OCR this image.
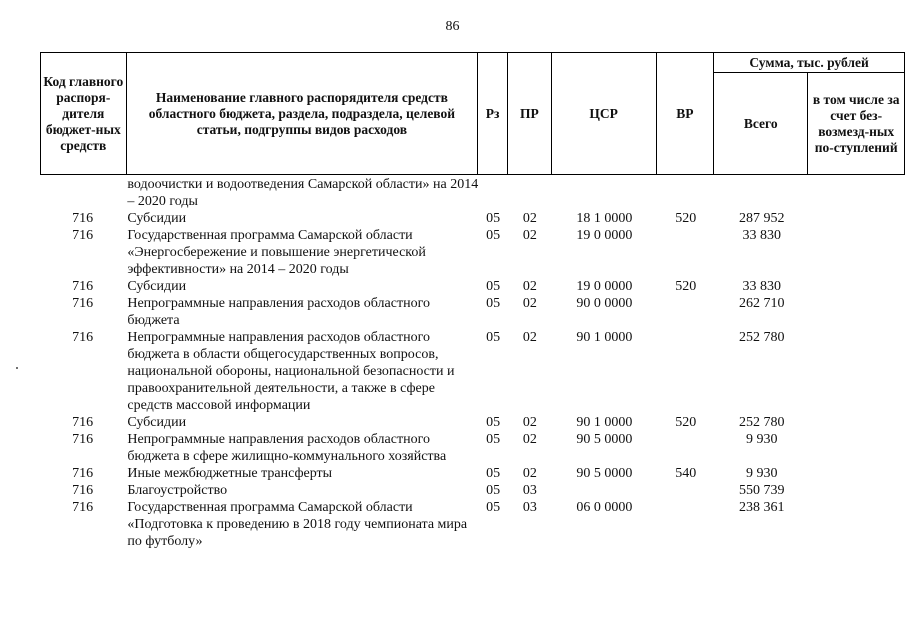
86
Код главного распоря-дителя бюджет-ных средств	Наименование главного распорядителя средств областного бюджета, раздела, подраздела, целевой статьи, подгруппы видов расходов	Рз	ПР	ЦСР	ВР	Сумма, тыс. рублей	
						Всего	в том числе за счет без-возмезд-ных по-ступлений
	водоочистки и водоотведения Самарской области» на 2014 – 2020 годы						
716	Субсидии	05	02	18 1 0000	520	287 952	
716	Государственная программа Самарской области «Энергосбережение и повышение энергетической эффективности» на 2014 – 2020 годы	05	02	19 0 0000		33 830	
716	Субсидии	05	02	19 0 0000	520	33 830	
716	Непрограммные направления расходов областного бюджета	05	02	90 0 0000		262 710	
716	Непрограммные направления расходов областного бюджета в области общегосударственных вопросов, национальной обороны, национальной безопасности и правоохранительной деятельности, а также в сфере средств массовой информации	05	02	90 1 0000		252 780	
716	Субсидии	05	02	90 1 0000	520	252 780	
716	Непрограммные направления расходов областного бюджета в сфере жилищно-коммунального хозяйства	05	02	90 5 0000		9 930	
716	Иные межбюджетные трансферты	05	02	90 5 0000	540	9 930	
716	Благоустройство	05	03			550 739	
716	Государственная программа Самарской области «Подготовка к проведению в 2018 году чемпионата мира по футболу»	05	03	06 0 0000		238 361	
